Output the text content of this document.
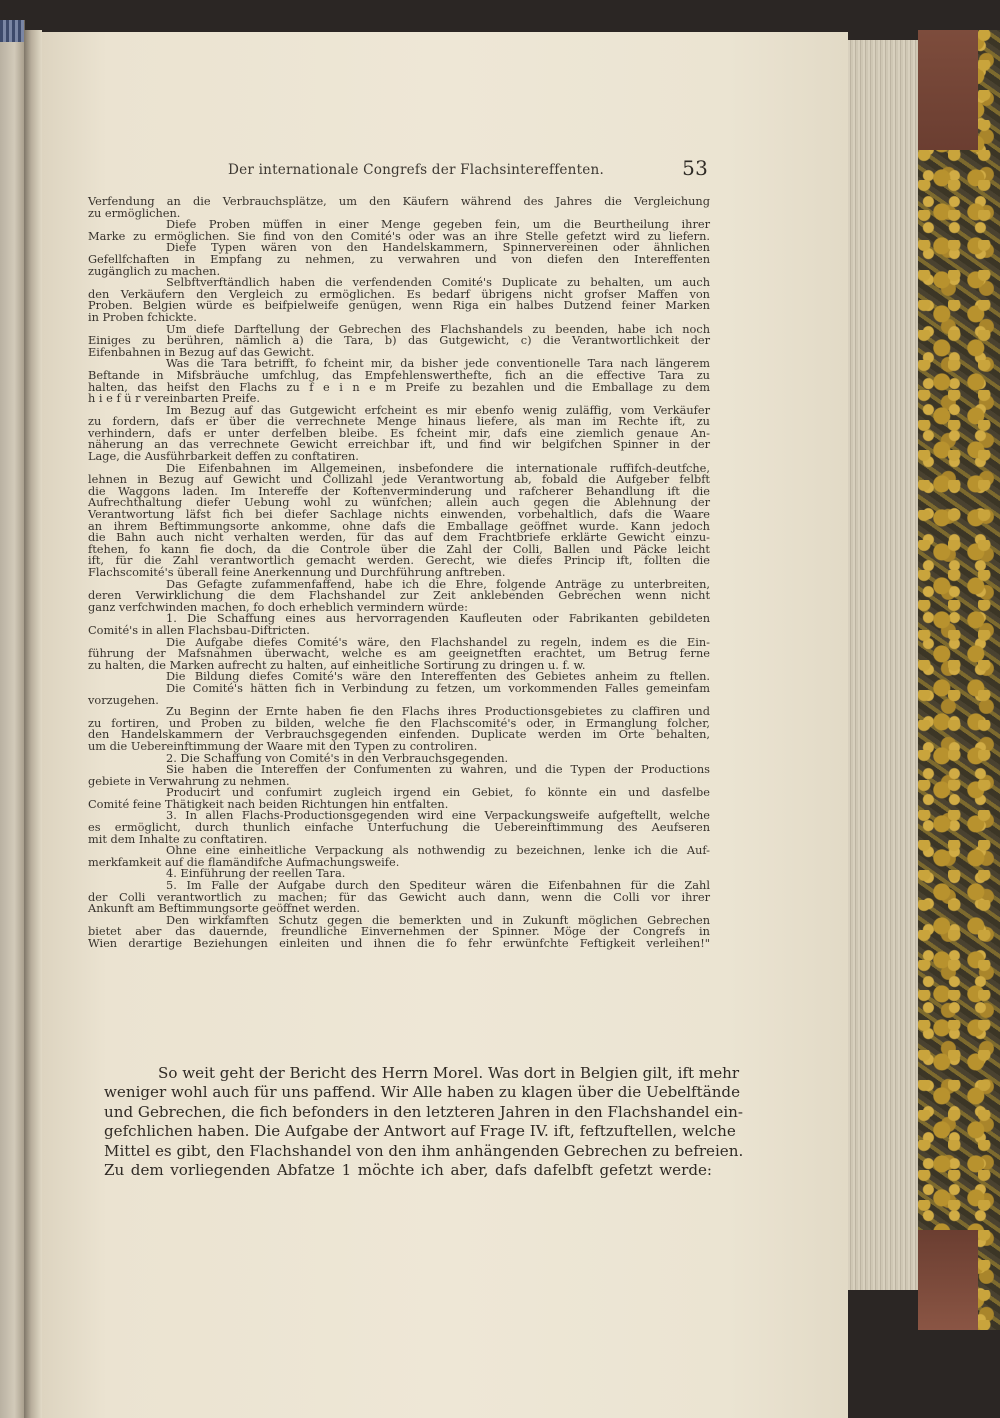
Der internationale Congrefs der Flachsintereffenten.	53
Verfendung an die Verbrauchsplätze, um den Käufern während des Jahres die Vergleichung
zu ermöglichen.
Diefe Proben müffen in einer Menge gegeben fein, um die Beurtheilung ihrer
Marke zu ermöglichen. Sie find von den Comité's oder was an ihre Stelle gefetzt wird zu liefern.
Diefe Typen wären von den Handelskammern, Spinnervereinen oder ähnlichen
Gefellfchaften in Empfang zu nehmen, zu verwahren und von diefen den Intereffenten
zugänglich zu machen.
Selbftverftändlich haben die verfendenden Comité's Duplicate zu behalten, um auch
den Verkäufern den Vergleich zu ermöglichen. Es bedarf übrigens nicht grofser Maffen von
Proben. Belgien würde es beifpielweife genügen, wenn Riga ein halbes Dutzend feiner Marken
in Proben fchickte.
Um diefe Darftellung der Gebrechen des Flachshandels zu beenden, habe ich noch
Einiges zu berühren, nämlich a) die Tara, b) das Gutgewicht, c) die Verantwortlichkeit der
Eifenbahnen in Bezug auf das Gewicht.
Was die Tara betrifft, fo fcheint mir, da bisher jede conventionelle Tara nach längerem
Beftande in Mifsbräuche umfchlug, das Empfehlenswerthefte, fich an die effective Tara zu
halten, das heifst den Flachs zu f e i n e m Preife zu bezahlen und die Emballage zu dem
h i e f ü r vereinbarten Preife.
Im Bezug auf das Gutgewicht erfcheint es mir ebenfo wenig zuläffig, vom Verkäufer
zu fordern, dafs er über die verrechnete Menge hinaus liefere, als man im Rechte ift, zu
verhindern, dafs er unter derfelben bleibe. Es fcheint mir, dafs eine ziemlich genaue An-
näherung an das verrechnete Gewicht erreichbar ift, und find wir belgifchen Spinner in der
Lage, die Ausführbarkeit deffen zu conftatiren.
Die Eifenbahnen im Allgemeinen, insbefondere die internationale ruffifch-deutfche,
lehnen in Bezug auf Gewicht und Collizahl jede Verantwortung ab, fobald die Aufgeber felbft
die Waggons laden. Im Intereffe der Koftenverminderung und rafcherer Behandlung ift die
Aufrechthaltung diefer Uebung wohl zu wünfchen; allein auch gegen die Ablehnung der
Verantwortung läfst fich bei diefer Sachlage nichts einwenden, vorbehaltlich, dafs die Waare
an ihrem Beftimmungsorte ankomme, ohne dafs die Emballage geöffnet wurde. Kann jedoch
die Bahn auch nicht verhalten werden, für das auf dem Frachtbriefe erklärte Gewicht einzu-
ftehen, fo kann fie doch, da die Controle über die Zahl der Colli, Ballen und Päcke leicht
ift, für die Zahl verantwortlich gemacht werden. Gerecht, wie diefes Princip ift, follten die
Flachscomité's überall feine Anerkennung und Durchführung anftreben.
Das Gefagte zufammenfaffend, habe ich die Ehre, folgende Anträge zu unterbreiten,
deren Verwirklichung die dem Flachshandel zur Zeit anklebenden Gebrechen wenn nicht
ganz verfchwinden machen, fo doch erheblich vermindern würde:
1. Die Schaffung eines aus hervorragenden Kaufleuten oder Fabrikanten gebildeten
Comité's in allen Flachsbau-Diftricten.
Die Aufgabe diefes Comité's wäre, den Flachshandel zu regeln, indem es die Ein-
führung der Mafsnahmen überwacht, welche es am geeignetften erachtet, um Betrug ferne
zu halten, die Marken aufrecht zu halten, auf einheitliche Sortirung zu dringen u. f. w.
Die Bildung diefes Comité's wäre den Intereffenten des Gebietes anheim zu ftellen.
Die Comité's hätten fich in Verbindung zu fetzen, um vorkommenden Falles gemeinfam
vorzugehen.
Zu Beginn der Ernte haben fie den Flachs ihres Productionsgebietes zu claffiren und
zu fortiren, und Proben zu bilden, welche fie den Flachscomité's oder, in Ermanglung folcher,
den Handelskammern der Verbrauchsgegenden einfenden. Duplicate werden im Orte behalten,
um die Uebereinftimmung der Waare mit den Typen zu controliren.
2. Die Schaffung von Comité's in den Verbrauchsgegenden.
Sie haben die Intereffen der Confumenten zu wahren, und die Typen der Productions
gebiete in Verwahrung zu nehmen.
Producirt und confumirt zugleich irgend ein Gebiet, fo könnte ein und dasfelbe
Comité feine Thätigkeit nach beiden Richtungen hin entfalten.
3. In allen Flachs-Productionsgegenden wird eine Verpackungsweife aufgeftellt, welche
es ermöglicht, durch thunlich einfache Unterfuchung die Uebereinftimmung des Aeufseren
mit dem Inhalte zu conftatiren.
Ohne eine einheitliche Verpackung als nothwendig zu bezeichnen, lenke ich die Auf-
merkfamkeit auf die flamändifche Aufmachungsweife.
4. Einführung der reellen Tara.
5. Im Falle der Aufgabe durch den Spediteur wären die Eifenbahnen für die Zahl
der Colli verantwortlich zu machen; für das Gewicht auch dann, wenn die Colli vor ihrer
Ankunft am Beftimmungsorte geöffnet werden.
Den wirkfamften Schutz gegen die bemerkten und in Zukunft möglichen Gebrechen
bietet aber das dauernde, freundliche Einvernehmen der Spinner. Möge der Congrefs in
Wien derartige Beziehungen einleiten und ihnen die fo fehr erwünfchte Feftigkeit verleihen!"
So weit geht der Bericht des Herrn Morel. Was dort in Belgien gilt, ift mehr
weniger wohl auch für uns paffend. Wir Alle haben zu klagen über die Uebelftände
und Gebrechen, die fich befonders in den letzteren Jahren in den Flachshandel ein-
gefchlichen haben. Die Aufgabe der Antwort auf Frage IV. ift, feftzuftellen, welche
Mittel es gibt, den Flachshandel von den ihm anhängenden Gebrechen zu befreien.
Zu dem vorliegenden Abfatze 1 möchte ich aber, dafs dafelbft gefetzt werde:
